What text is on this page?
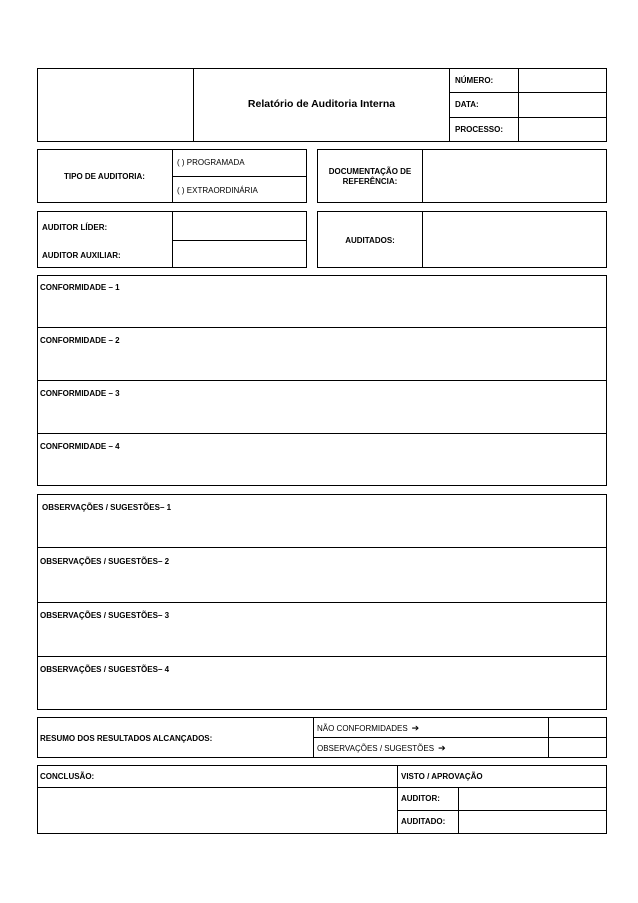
Relatório de Auditoria Interna
NÚMERO:
DATA:
PROCESSO:
TIPO DE AUDITORIA:
( ) PROGRAMADA
( ) EXTRAORDINÁRIA
DOCUMENTAÇÃO DE
REFERÊNCIA:
AUDITOR LÍDER:
AUDITOR AUXILIAR:
AUDITADOS:
CONFORMIDADE – 1
CONFORMIDADE – 2
CONFORMIDADE – 3
CONFORMIDADE – 4
OBSERVAÇÕES / SUGESTÕES– 1
OBSERVAÇÕES / SUGESTÕES– 2
OBSERVAÇÕES / SUGESTÕES– 3
OBSERVAÇÕES / SUGESTÕES– 4
RESUMO DOS RESULTADOS ALCANÇADOS:
NÃO CONFORMIDADES ➔
OBSERVAÇÕES / SUGESTÕES ➔
CONCLUSÃO:	VISTO / APROVAÇÃO
AUDITOR:
AUDITADO:
